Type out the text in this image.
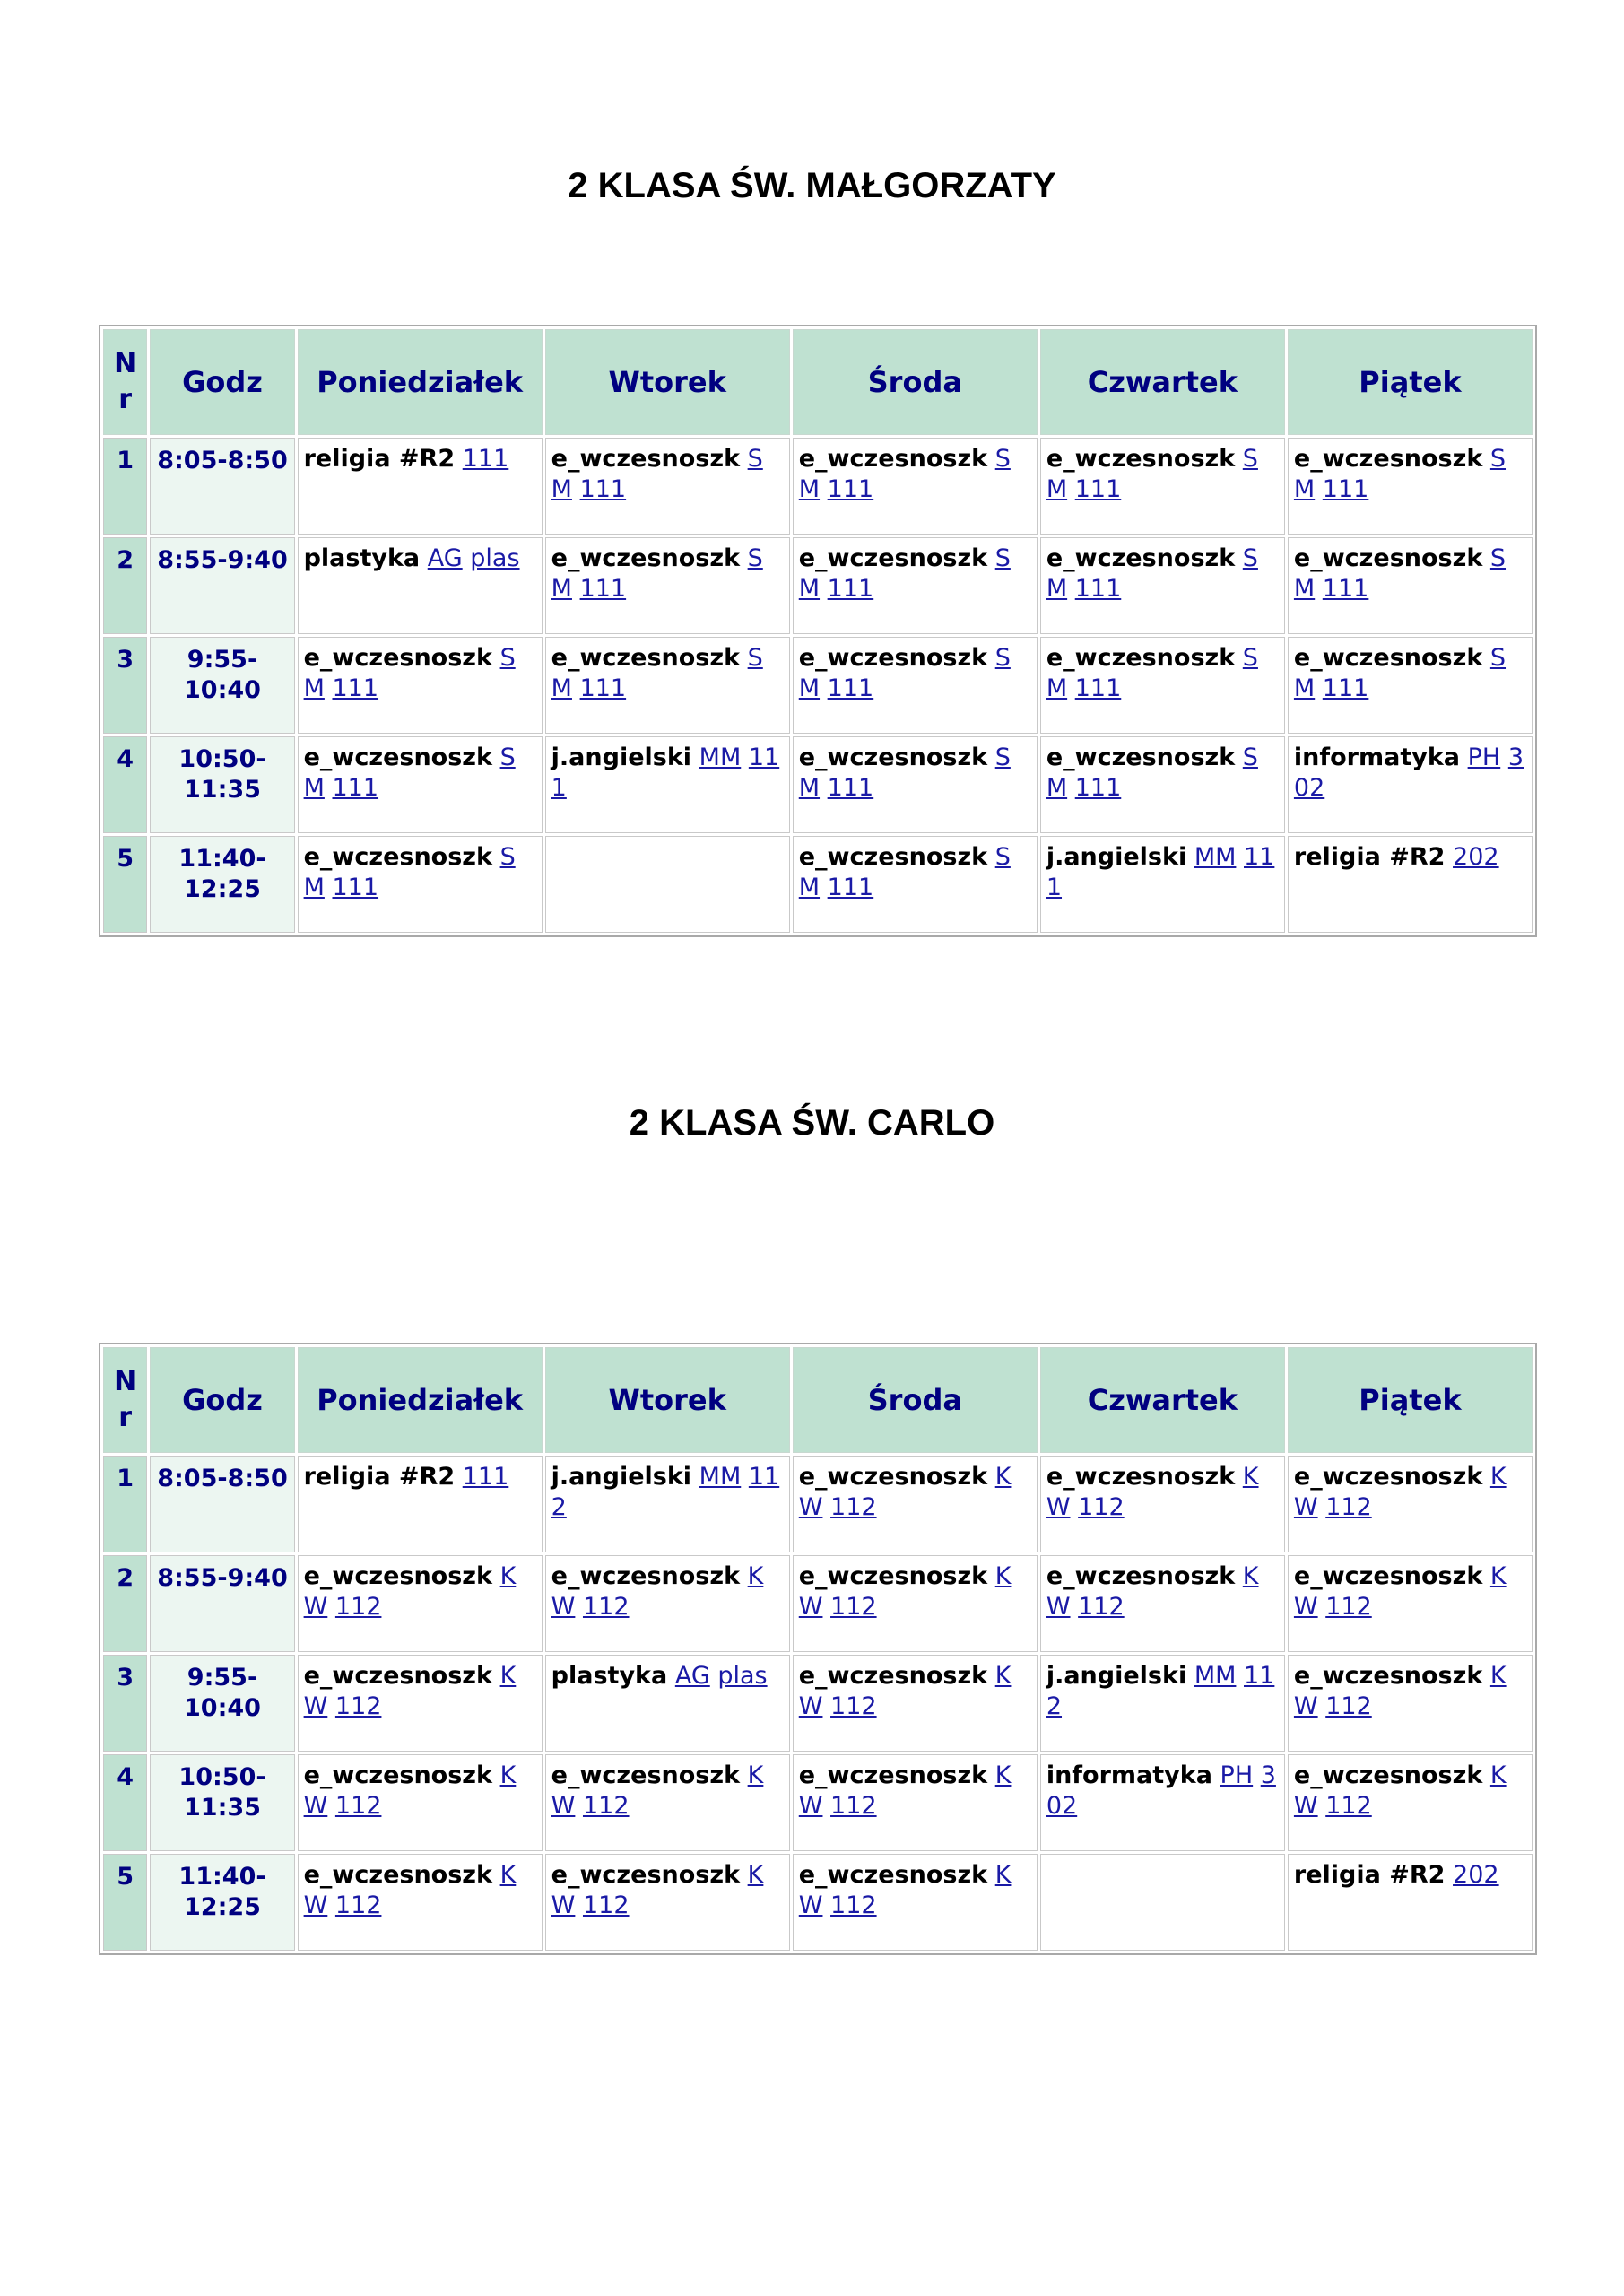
2 KLASA ŚW. MAŁGORZATY
Nr	Godz	Poniedziałek	Wtorek	Środa	Czwartek	Piątek
1	8:05-8:50	religia #R2 111	e_wczesnoszk SM 111	e_wczesnoszk SM 111	e_wczesnoszk SM 111	e_wczesnoszk SM 111

2	8:55-9:40	plastyka AG plas	e_wczesnoszk SM 111	e_wczesnoszk SM 111	e_wczesnoszk SM 111	e_wczesnoszk SM 111

3	9:55-10:40	e_wczesnoszk SM 111	e_wczesnoszk SM 111	e_wczesnoszk SM 111	e_wczesnoszk SM 111	e_wczesnoszk SM 111

4	10:50-11:35	e_wczesnoszk SM 111	j.angielski MM 111	e_wczesnoszk SM 111	e_wczesnoszk SM 111	informatyka PH 302

5	11:40-12:25	e_wczesnoszk SM 111		e_wczesnoszk SM 111	j.angielski MM 111	religia #R2 202
2 KLASA ŚW. CARLO
Nr	Godz	Poniedziałek	Wtorek	Środa	Czwartek	Piątek
1	8:05-8:50	religia #R2 111	j.angielski MM 112	e_wczesnoszk KW 112	e_wczesnoszk KW 112	e_wczesnoszk KW 112

2	8:55-9:40	e_wczesnoszk KW 112	e_wczesnoszk KW 112	e_wczesnoszk KW 112	e_wczesnoszk KW 112	e_wczesnoszk KW 112

3	9:55-10:40	e_wczesnoszk KW 112	plastyka AG plas	e_wczesnoszk KW 112	j.angielski MM 112	e_wczesnoszk KW 112

4	10:50-11:35	e_wczesnoszk KW 112	e_wczesnoszk KW 112	e_wczesnoszk KW 112	informatyka PH 302	e_wczesnoszk KW 112

5	11:40-12:25	e_wczesnoszk KW 112	e_wczesnoszk KW 112	e_wczesnoszk KW 112		religia #R2 202
